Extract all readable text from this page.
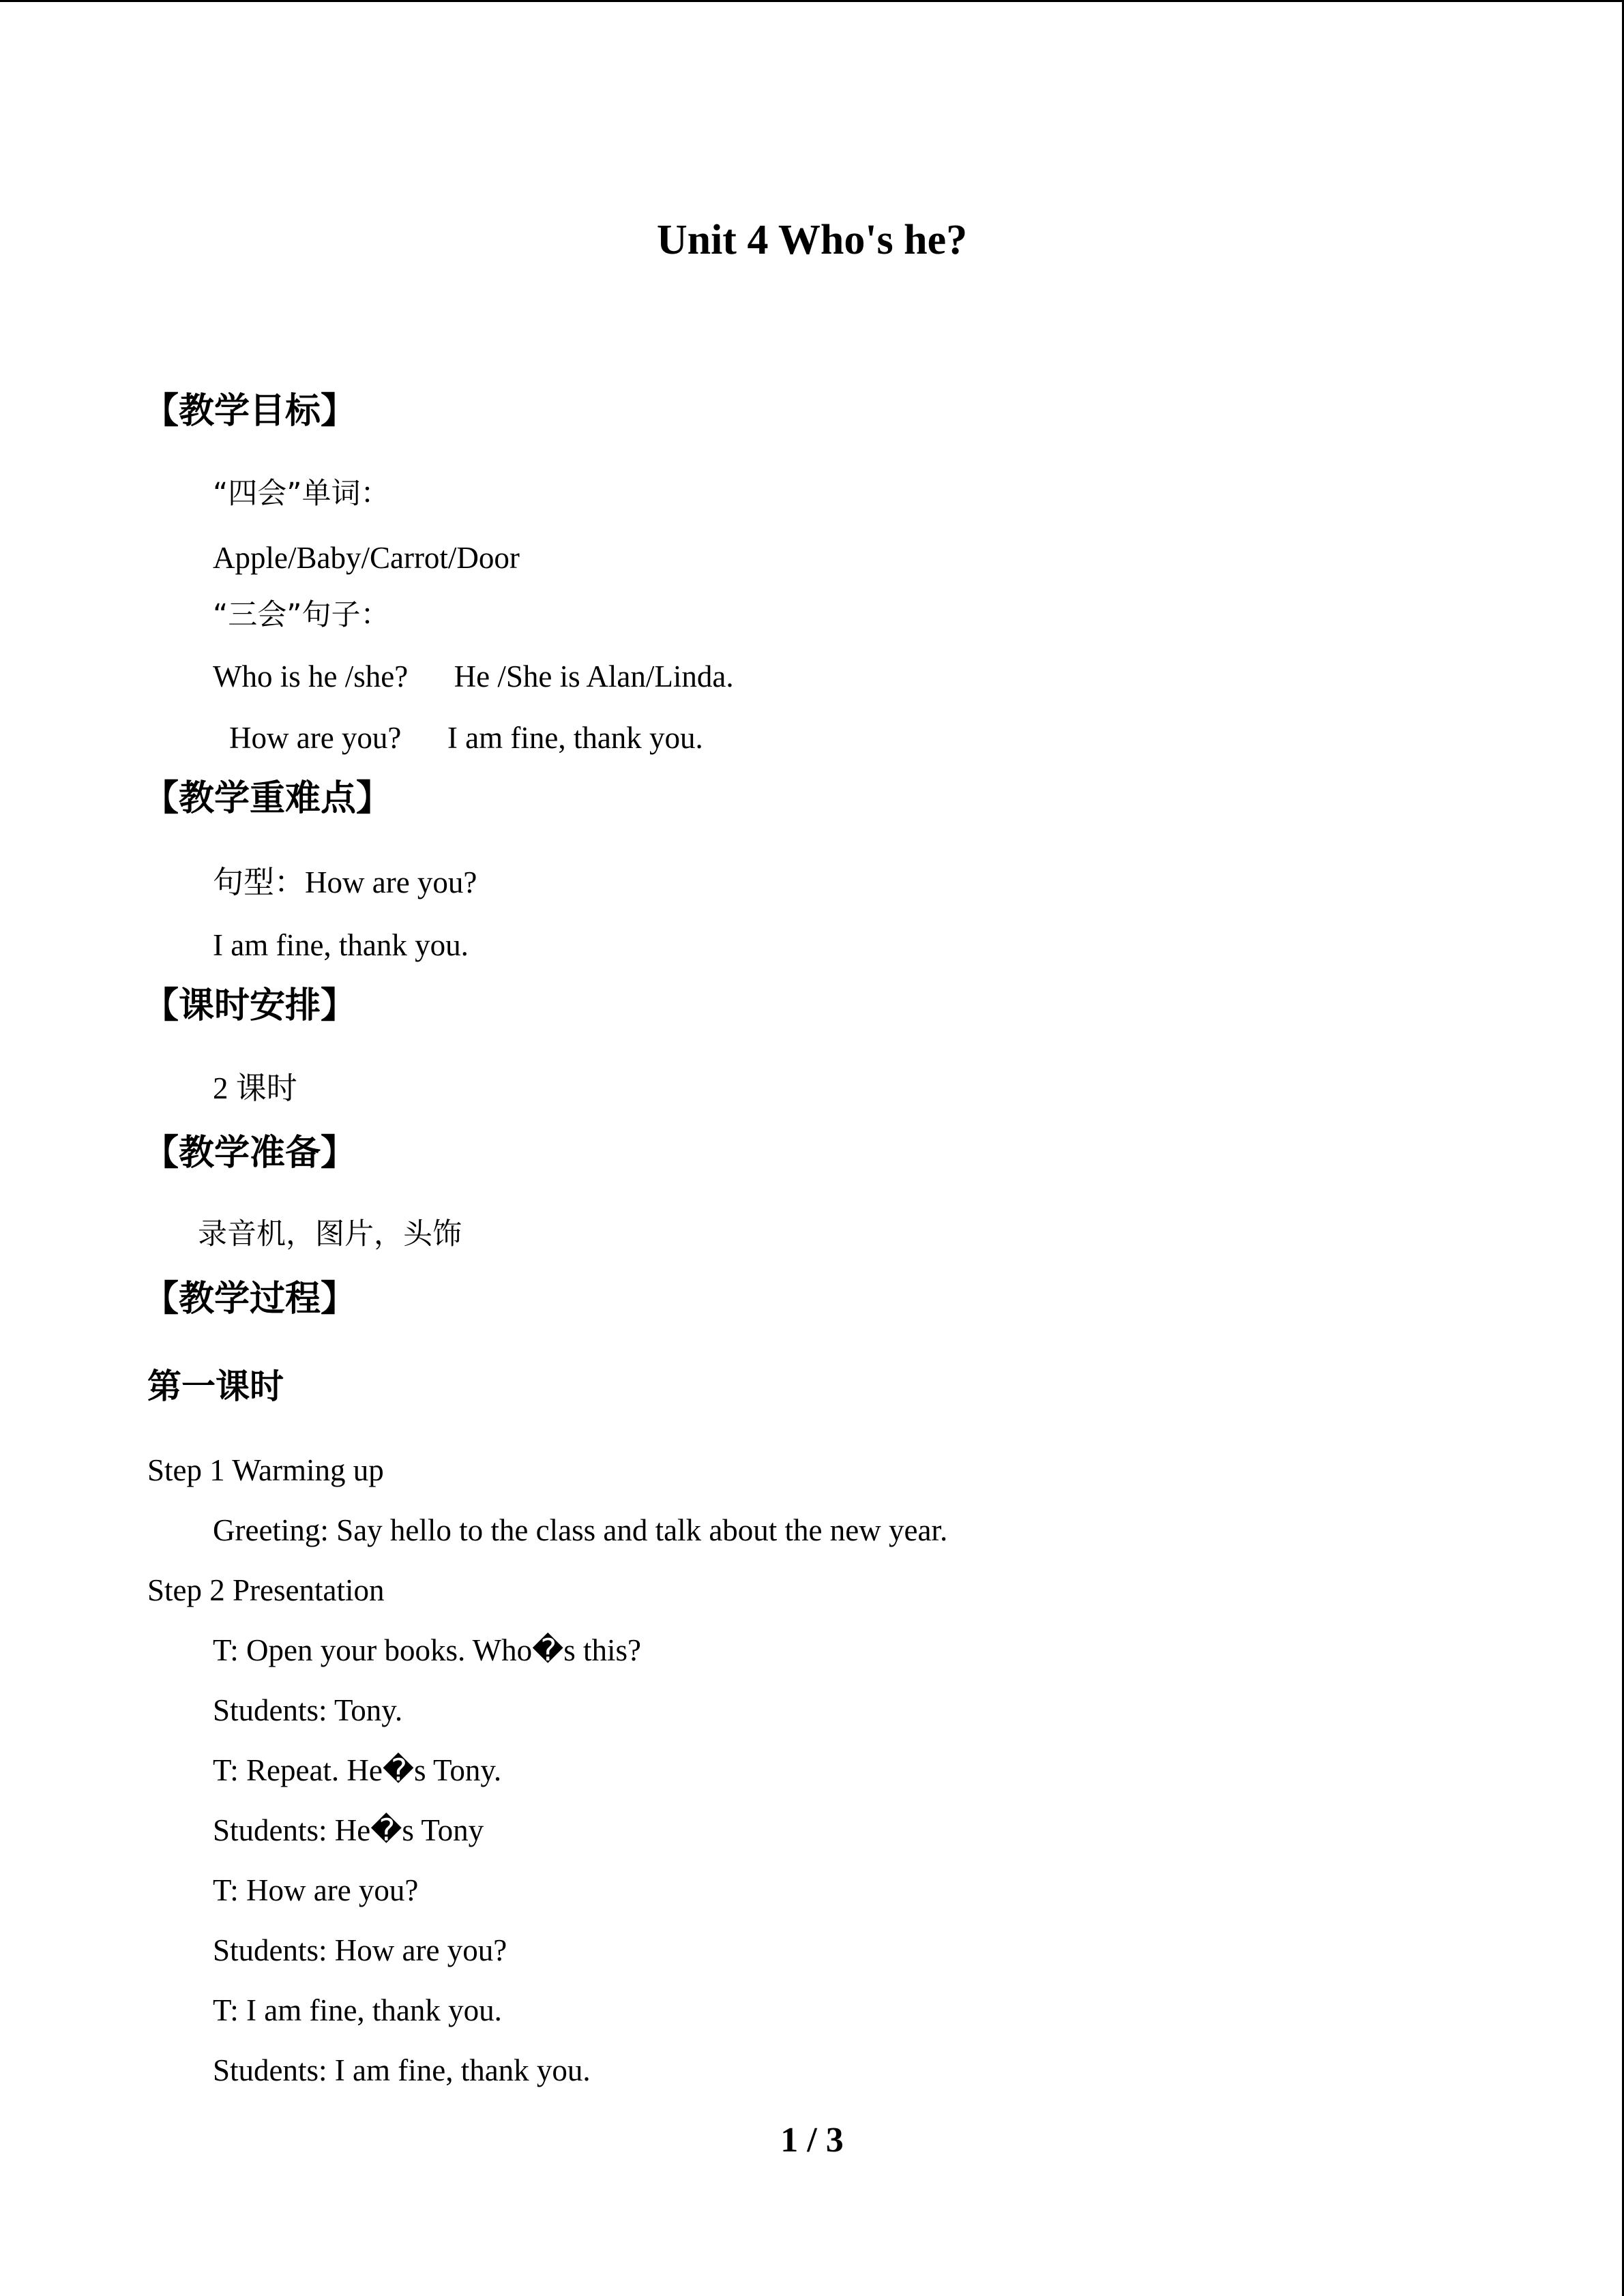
Unit 4 Who's he?
【教学目标】
“四会”单词：
Apple/Baby/Carrot/Door
“三会”句子：
Who is he /she?      He /She is Alan/Linda.
How are you?      I am fine, thank you.
【教学重难点】
句型：How are you?
I am fine, thank you.
【课时安排】
2 课时
【教学准备】
录音机，图片，头饰
【教学过程】
第一课时
Step 1 Warming up
Greeting: Say hello to the class and talk about the new year.
Step 2 Presentation
T: Open your books. Who�s this?
Students: Tony.
T: Repeat. He�s Tony.
Students: He�s Tony
T: How are you?
Students: How are you?
T: I am fine, thank you.
Students: I am fine, thank you.
1 / 3
